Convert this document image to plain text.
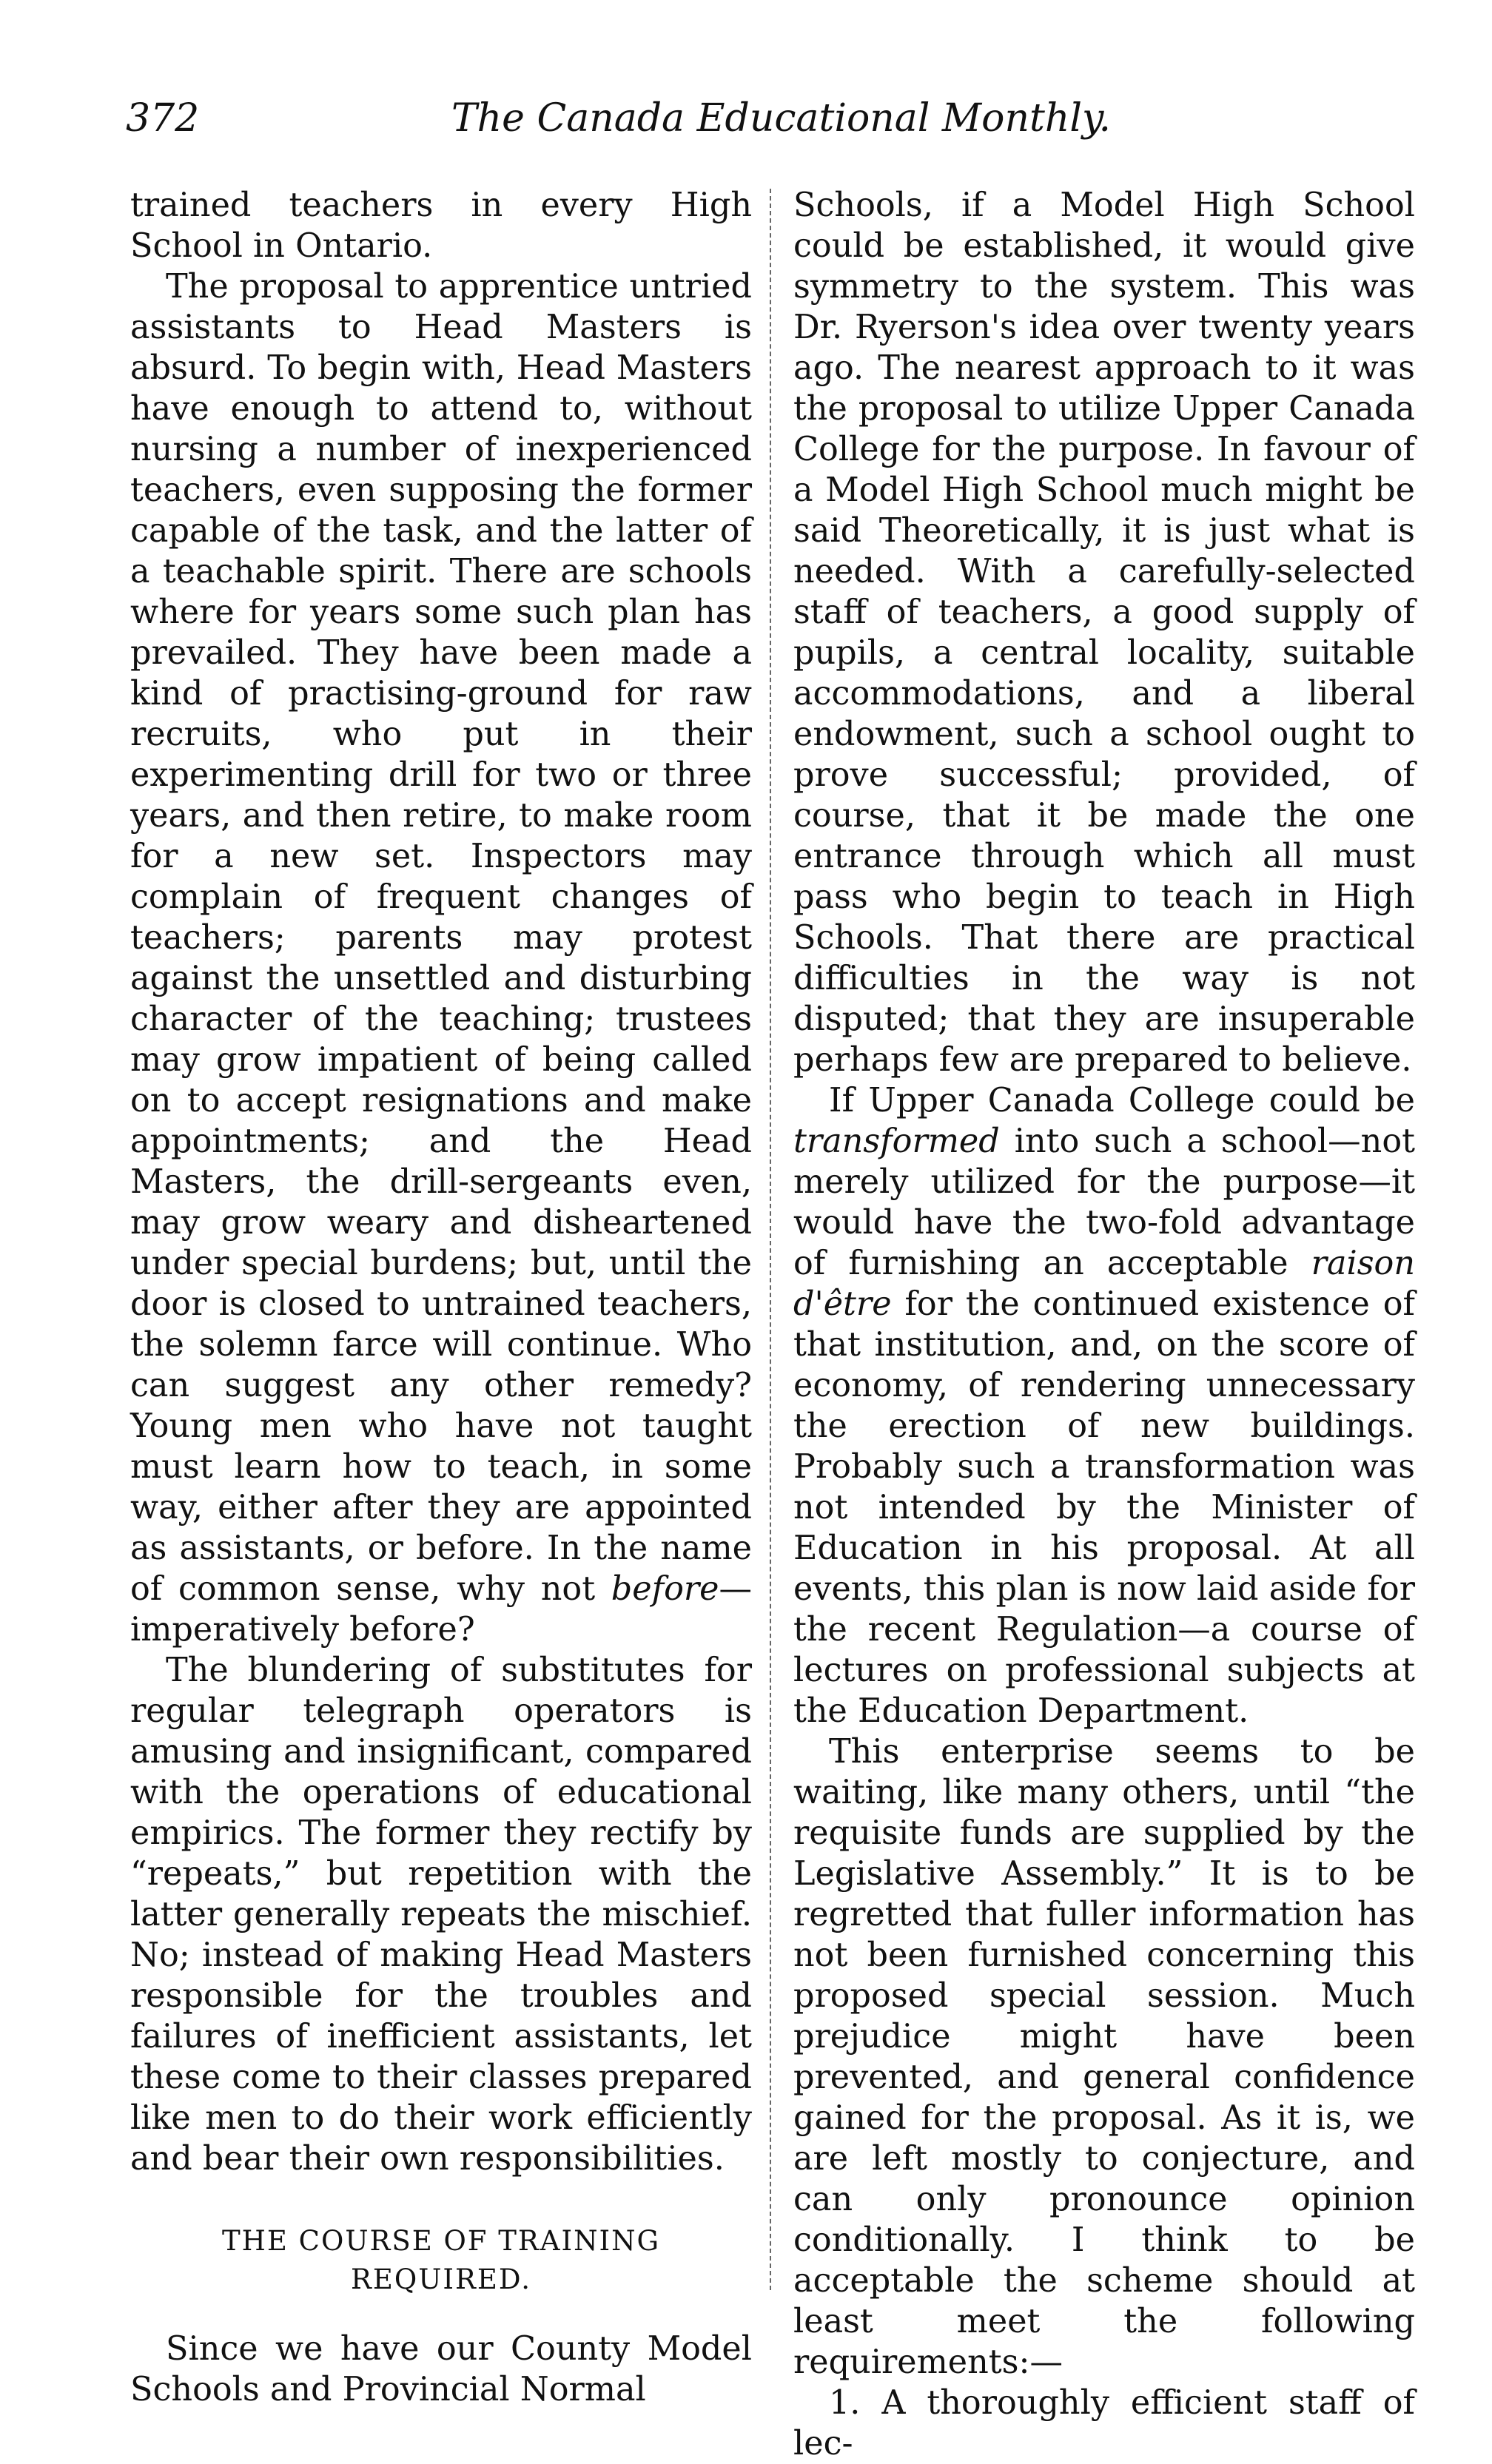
372	The Canada Educational Monthly.

trained teachers in every High School in Ontario.

The proposal to apprentice untried assistants to Head Masters is absurd. To begin with, Head Masters have enough to attend to, without nursing a number of inexperienced teachers, even supposing the former capable of the task, and the latter of a teachable spirit. There are schools where for years some such plan has prevailed. They have been made a kind of practising-ground for raw recruits, who put in their experimenting drill for two or three years, and then retire, to make room for a new set. Inspectors may complain of frequent changes of teachers; parents may protest against the unsettled and disturbing character of the teaching; trustees may grow impatient of being called on to accept resignations and make appointments; and the Head Masters, the drill-sergeants even, may grow weary and disheartened under special burdens; but, until the door is closed to untrained teachers, the solemn farce will continue. Who can suggest any other remedy? Young men who have not taught must learn how to teach, in some way, either after they are appointed as assistants, or before. In the name of common sense, why not before—imperatively before?

The blundering of substitutes for regular telegraph operators is amusing and insignificant, compared with the operations of educational empirics. The former they rectify by “repeats,” but repetition with the latter generally repeats the mischief. No; instead of making Head Masters responsible for the troubles and failures of inefficient assistants, let these come to their classes prepared like men to do their work efficiently and bear their own responsibilities.

THE COURSE OF TRAINING
REQUIRED.

Since we have our County Model Schools and Provincial Normal

Schools, if a Model High School could be established, it would give symmetry to the system. This was Dr. Ryerson's idea over twenty years ago. The nearest approach to it was the proposal to utilize Upper Canada College for the purpose. In favour of a Model High School much might be said Theoretically, it is just what is needed. With a carefully-selected staff of teachers, a good supply of pupils, a central locality, suitable accommodations, and a liberal endowment, such a school ought to prove successful; provided, of course, that it be made the one entrance through which all must pass who begin to teach in High Schools. That there are practical difficulties in the way is not disputed; that they are insuperable perhaps few are prepared to believe.

If Upper Canada College could be transformed into such a school—not merely utilized for the purpose—it would have the two-fold advantage of furnishing an acceptable raison d'être for the continued existence of that institution, and, on the score of economy, of rendering unnecessary the erection of new buildings. Probably such a transformation was not intended by the Minister of Education in his proposal. At all events, this plan is now laid aside for the recent Regulation—a course of lectures on professional subjects at the Education Department.

This enterprise seems to be waiting, like many others, until “the requisite funds are supplied by the Legislative Assembly.” It is to be regretted that fuller information has not been furnished concerning this proposed special session. Much prejudice might have been prevented, and general confidence gained for the proposal. As it is, we are left mostly to conjecture, and can only pronounce opinion conditionally. I think to be acceptable the scheme should at least meet the following requirements:—

1. A thoroughly efficient staff of lec-
